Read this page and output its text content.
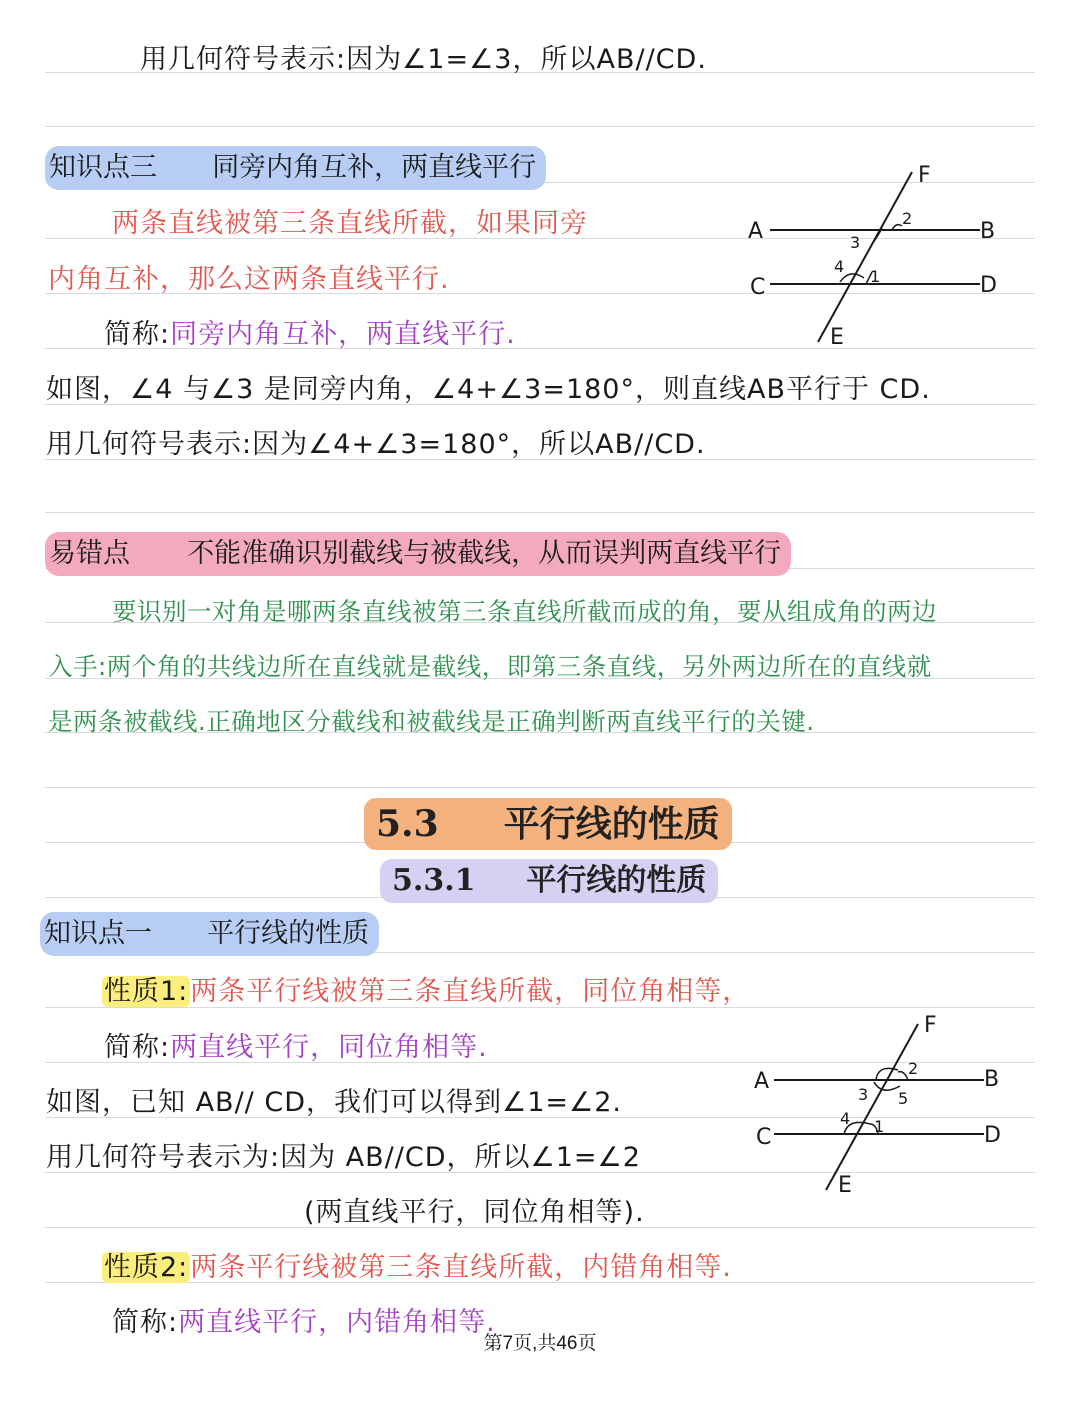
用几何符号表示:因为∠1=∠3，所以AB//CD.
知识点三 同旁内角互补，两直线平行
两条直线被第三条直线所截，如果同旁
内角互补，那么这两条直线平行.
简称:同旁内角互补，两直线平行.
如图，∠4 与∠3 是同旁内角，∠4+∠3=180°，则直线AB平行于 CD.
用几何符号表示:因为∠4+∠3=180°，所以AB//CD.
F
A	B
C	D
E
2
3
4
1
易错点 不能准确识别截线与被截线，从而误判两直线平行
要识别一对角是哪两条直线被第三条直线所截而成的角，要从组成角的两边
入手:两个角的共线边所在直线就是截线，即第三条直线，另外两边所在的直线就
是两条被截线.正确地区分截线和被截线是正确判断两直线平行的关键.
5.3 平行线的性质
5.3.1 平行线的性质
知识点一 平行线的性质
性质1:两条平行线被第三条直线所截，同位角相等，
简称:两直线平行，同位角相等.
如图，已知 AB// CD，我们可以得到∠1=∠2.
用几何符号表示为:因为 AB//CD，所以∠1=∠2
(两直线平行，同位角相等).
性质2:两条平行线被第三条直线所截，内错角相等.
简称:两直线平行，内错角相等.
F
A	B
C	D
E
2
3 5
4 1
第7页,共46页
